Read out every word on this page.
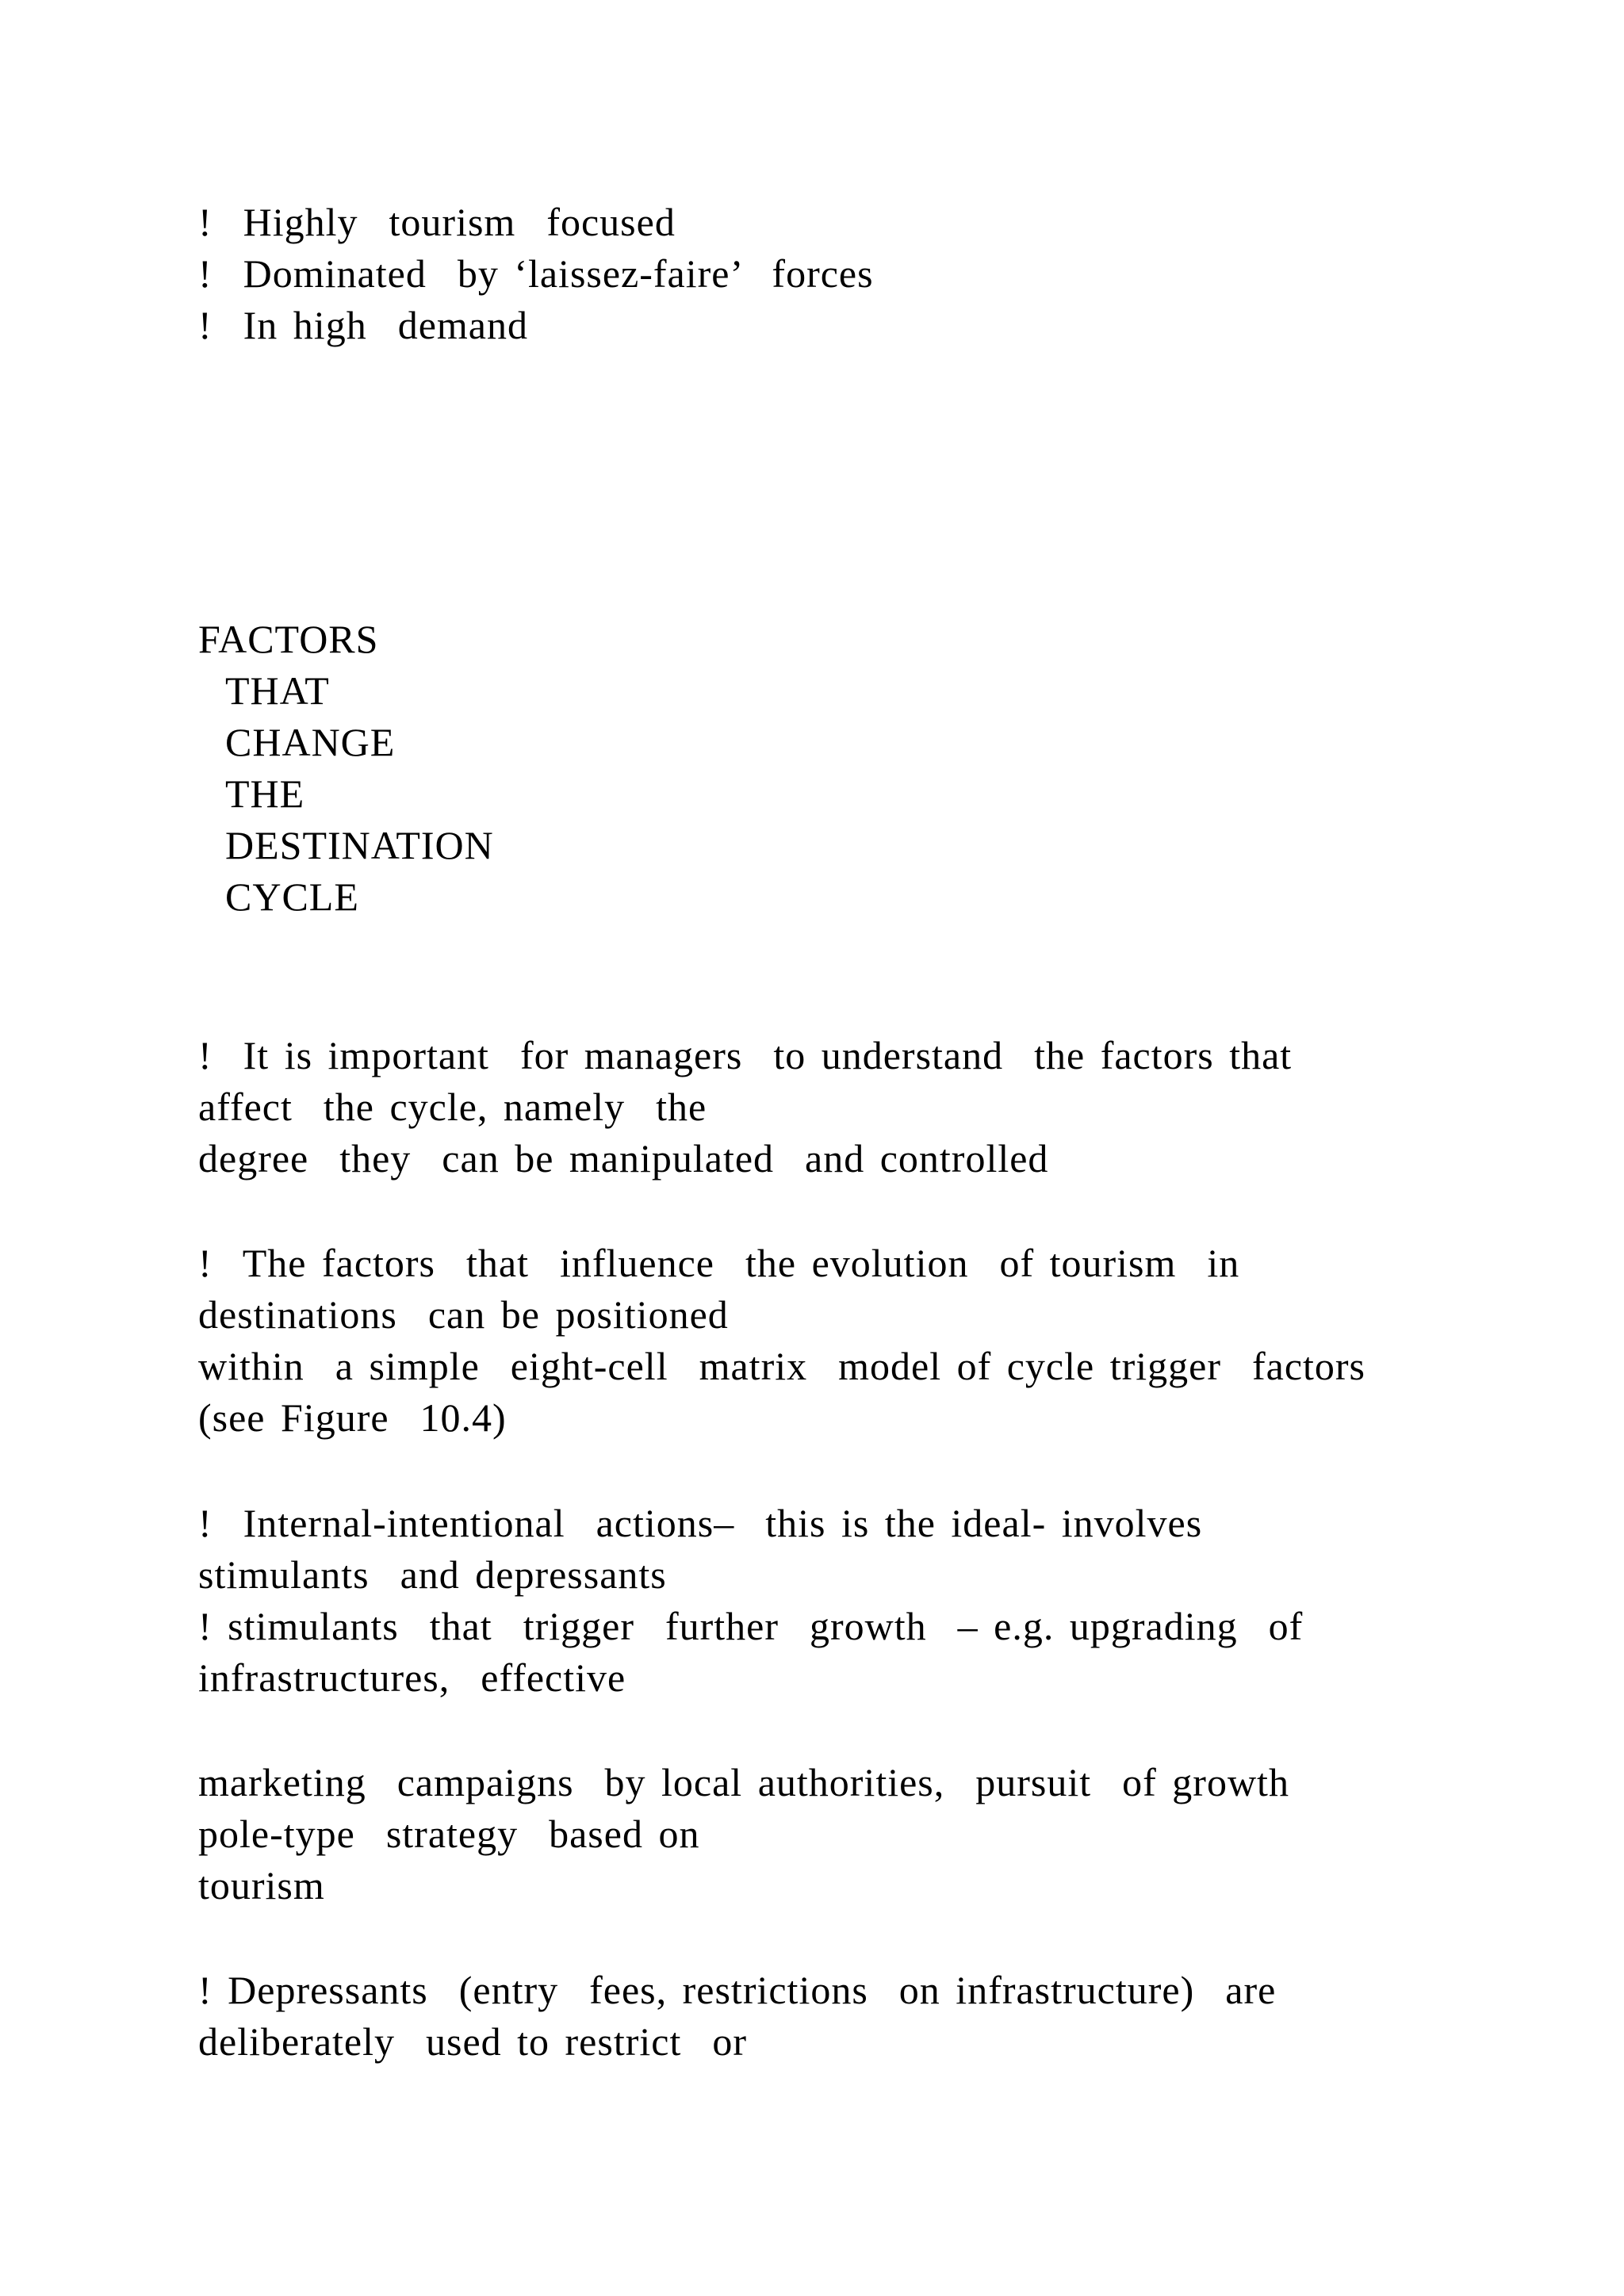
!  Highly  tourism  focused
!  Dominated  by ‘laissez-faire’  forces
!  In high  demand
FACTORS
THAT
CHANGE
THE
DESTINATION
CYCLE
!  It is important  for managers  to understand  the factors that
affect  the cycle, namely  the
degree  they  can be manipulated  and controlled
!  The factors  that  influence  the evolution  of tourism  in
destinations  can be positioned
within  a simple  eight-cell  matrix  model of cycle trigger  factors
(see Figure  10.4)
!  Internal-intentional  actions–  this is the ideal- involves
stimulants  and depressants
! stimulants  that  trigger  further  growth  – e.g. upgrading  of
infrastructures,  effective
marketing  campaigns  by local authorities,  pursuit  of growth
pole-type  strategy  based on
tourism
! Depressants  (entry  fees, restrictions  on infrastructure)  are
deliberately  used to restrict  or
